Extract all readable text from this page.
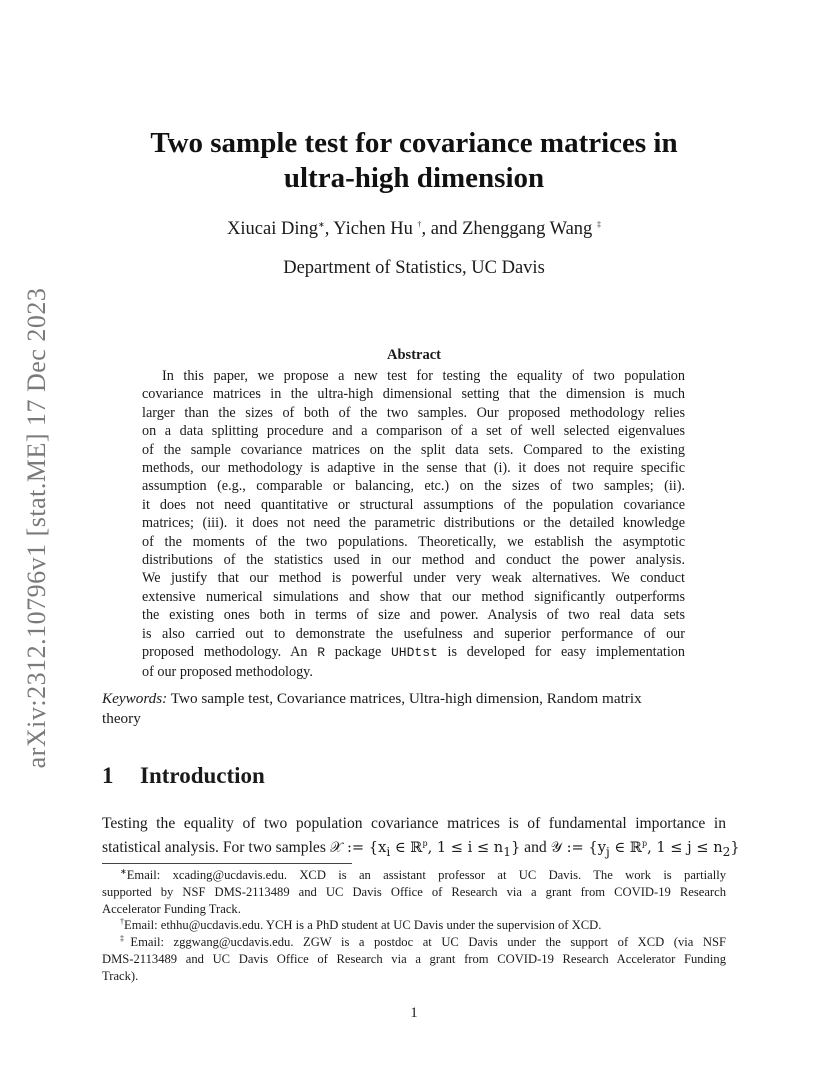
arXiv:2312.10796v1 [stat.ME] 17 Dec 2023
Two sample test for covariance matrices in
ultra-high dimension
Xiucai Ding∗, Yichen Hu †, and Zhenggang Wang ‡
Department of Statistics, UC Davis
Abstract
In this paper, we propose a new test for testing the equality of two population
covariance matrices in the ultra-high dimensional setting that the dimension is much
larger than the sizes of both of the two samples. Our proposed methodology relies
on a data splitting procedure and a comparison of a set of well selected eigenvalues
of the sample covariance matrices on the split data sets. Compared to the existing
methods, our methodology is adaptive in the sense that (i). it does not require specific
assumption (e.g., comparable or balancing, etc.) on the sizes of two samples; (ii).
it does not need quantitative or structural assumptions of the population covariance
matrices; (iii). it does not need the parametric distributions or the detailed knowledge
of the moments of the two populations. Theoretically, we establish the asymptotic
distributions of the statistics used in our method and conduct the power analysis.
We justify that our method is powerful under very weak alternatives. We conduct
extensive numerical simulations and show that our method significantly outperforms
the existing ones both in terms of size and power. Analysis of two real data sets
is also carried out to demonstrate the usefulness and superior performance of our
proposed methodology. An R package UHDtst is developed for easy implementation
of our proposed methodology.
Keywords: Two sample test, Covariance matrices, Ultra-high dimension, Random matrix
theory
1 Introduction
Testing the equality of two population covariance matrices is of fundamental importance in
statistical analysis. For two samples 𝒳 := {$x_i$ ∈ ℝ$^p$, $1 \le i \le n_1$} and 𝒴 := {$y_j$ ∈ ℝ$^p$, $1 \le j \le n_2$}
∗Email: xcading@ucdavis.edu. XCD is an assistant professor at UC Davis. The work is partially
supported by NSF DMS-2113489 and UC Davis Office of Research via a grant from COVID-19 Research
Accelerator Funding Track.
†Email: ethhu@ucdavis.edu. YCH is a PhD student at UC Davis under the supervision of XCD.
‡Email: zggwang@ucdavis.edu. ZGW is a postdoc at UC Davis under the support of XCD (via NSF
DMS-2113489 and UC Davis Office of Research via a grant from COVID-19 Research Accelerator Funding
Track).
1
